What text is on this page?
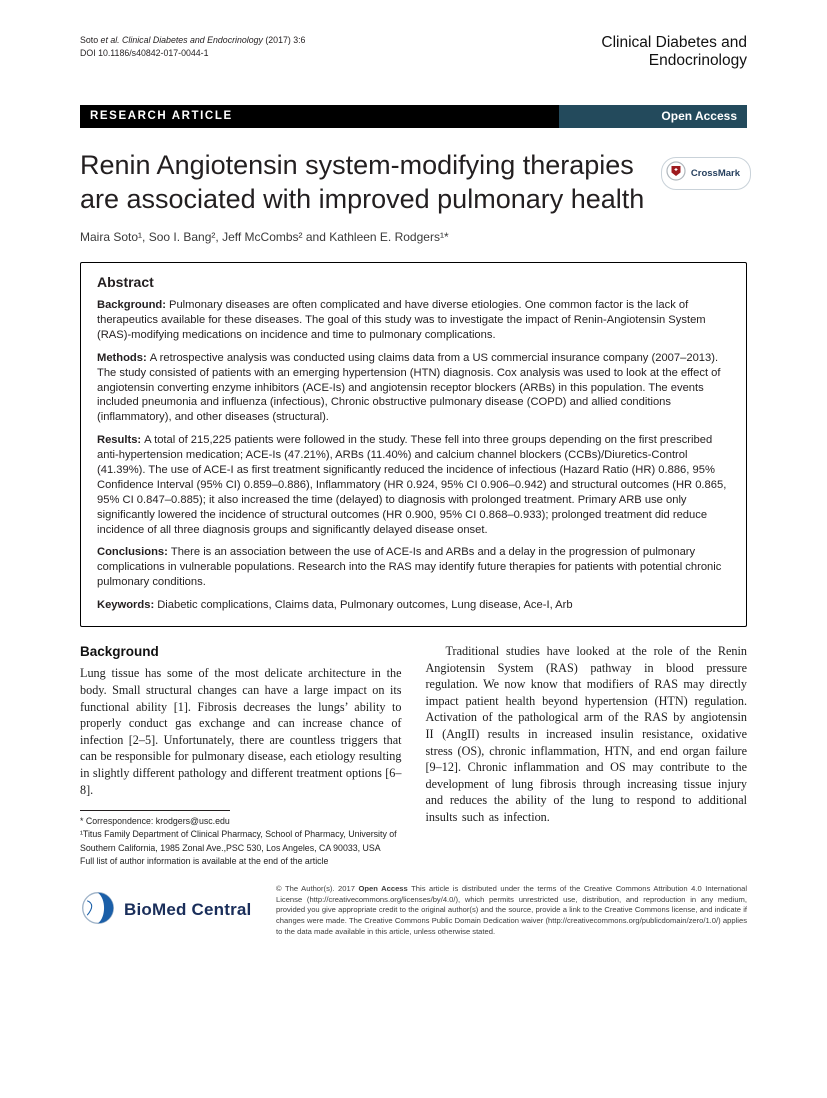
Soto et al. Clinical Diabetes and Endocrinology (2017) 3:6
DOI 10.1186/s40842-017-0044-1
Clinical Diabetes and
Endocrinology
RESEARCH ARTICLE	Open Access
CrossMark
Renin Angiotensin system-modifying therapies are associated with improved pulmonary health
Maira Soto¹, Soo I. Bang², Jeff McCombs² and Kathleen E. Rodgers¹*
Abstract

Background: Pulmonary diseases are often complicated and have diverse etiologies. One common factor is the lack of therapeutics available for these diseases. The goal of this study was to investigate the impact of Renin-Angiotensin System (RAS)-modifying medications on incidence and time to pulmonary complications.

Methods: A retrospective analysis was conducted using claims data from a US commercial insurance company (2007–2013). The study consisted of patients with an emerging hypertension (HTN) diagnosis. Cox analysis was used to look at the effect of angiotensin converting enzyme inhibitors (ACE-Is) and angiotensin receptor blockers (ARBs) in this population. The events included pneumonia and influenza (infectious), Chronic obstructive pulmonary disease (COPD) and allied conditions (inflammatory), and other diseases (structural).

Results: A total of 215,225 patients were followed in the study. These fell into three groups depending on the first prescribed anti-hypertension medication; ACE-Is (47.21%), ARBs (11.40%) and calcium channel blockers (CCBs)/Diuretics-Control (41.39%). The use of ACE-I as first treatment significantly reduced the incidence of infectious (Hazard Ratio (HR) 0.886, 95% Confidence Interval (95% CI) 0.859–0.886), Inflammatory (HR 0.924, 95% CI 0.906–0.942) and structural outcomes (HR 0.865, 95% CI 0.847–0.885); it also increased the time (delayed) to diagnosis with prolonged treatment. Primary ARB use only significantly lowered the incidence of structural outcomes (HR 0.900, 95% CI 0.868–0.933); prolonged treatment did reduce incidence of all three diagnosis groups and significantly delayed disease onset.

Conclusions: There is an association between the use of ACE-Is and ARBs and a delay in the progression of pulmonary complications in vulnerable populations. Research into the RAS may identify future therapies for patients with potential chronic pulmonary conditions.

Keywords: Diabetic complications, Claims data, Pulmonary outcomes, Lung disease, Ace-I, Arb

Background

Lung tissue has some of the most delicate architecture in the body. Small structural changes can have a large impact on its functional ability [1]. Fibrosis decreases the lungs’ ability to properly conduct gas exchange and can increase chance of infection [2–5]. Unfortunately, there are countless triggers that can be responsible for pulmonary disease, each etiology resulting in slightly different pathology and different treatment options [6–8].

* Correspondence: krodgers@usc.edu
¹Titus Family Department of Clinical Pharmacy, School of Pharmacy, University of Southern California, 1985 Zonal Ave.,PSC 530, Los Angeles, CA 90033, USA
Full list of author information is available at the end of the article

Traditional studies have looked at the role of the Renin Angiotensin System (RAS) pathway in blood pressure regulation. We now know that modifiers of RAS may directly impact patient health beyond hypertension (HTN) regulation. Activation of the pathological arm of the RAS by angiotensin II (AngII) results in increased insulin resistance, oxidative stress (OS), chronic inflammation, HTN, and end organ failure [9–12]. Chronic inflammation and OS may contribute to the development of lung fibrosis through increasing tissue injury and reduces the ability of the lung to respond to additional insults such as infection.

BioMed Central
© The Author(s). 2017 Open Access This article is distributed under the terms of the Creative Commons Attribution 4.0 International License (http://creativecommons.org/licenses/by/4.0/), which permits unrestricted use, distribution, and reproduction in any medium, provided you give appropriate credit to the original author(s) and the source, provide a link to the Creative Commons license, and indicate if changes were made. The Creative Commons Public Domain Dedication waiver (http://creativecommons.org/publicdomain/zero/1.0/) applies to the data made available in this article, unless otherwise stated.
